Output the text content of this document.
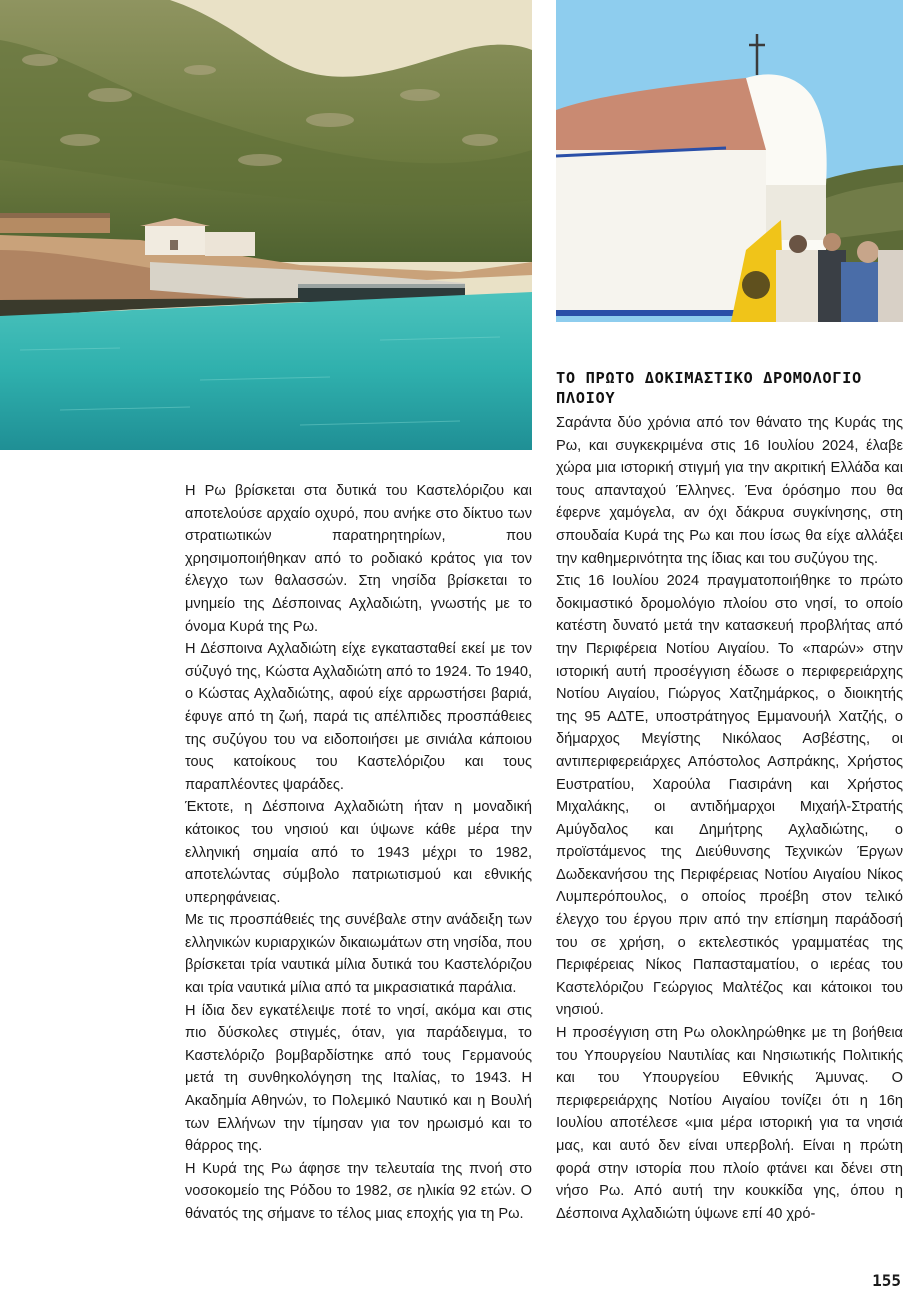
Η Ρω βρίσκεται στα δυτικά του Καστελόριζου και αποτελούσε αρχαίο οχυρό, που ανήκε στο δίκτυο των στρατιωτικών παρατηρητηρίων, που χρησιμοποιήθηκαν από το ροδιακό κράτος για τον έλεγχο των θαλασσών. Στη νησίδα βρίσκεται το μνημείο της Δέσποινας Αχλαδιώτη, γνωστής με το όνομα Κυρά της Ρω.

Η Δέσποινα Αχλαδιώτη είχε εγκατασταθεί εκεί με τον σύζυγό της, Κώστα Αχλαδιώτη από το 1924. Το 1940, ο Κώστας Αχλαδιώτης, αφού είχε αρρωστήσει βαριά, έφυγε από τη ζωή, παρά τις απέλπιδες προσπάθειες της συζύγου του να ειδοποιήσει με σινιάλα κάποιου τους κατοίκους του Καστελόριζου και τους παραπλέοντες ψαράδες.

Έκτοτε, η Δέσποινα Αχλαδιώτη ήταν η μοναδική κάτοικος του νησιού και ύψωνε κάθε μέρα την ελληνική σημαία από το 1943 μέχρι το 1982, αποτελώντας σύμβολο πατριωτισμού και εθνικής υπερηφάνειας.

Με τις προσπάθειές της συνέβαλε στην ανάδειξη των ελληνικών κυριαρχικών δικαιωμάτων στη νησίδα, που βρίσκεται τρία ναυτικά μίλια δυτικά του Καστελόριζου και τρία ναυτικά μίλια από τα μικρασιατικά παράλια.

Η ίδια δεν εγκατέλειψε ποτέ το νησί, ακόμα και στις πιο δύσκολες στιγμές, όταν, για παράδειγμα, το Καστελόριζο βομβαρδίστηκε από τους Γερμανούς μετά τη συνθηκολόγηση της Ιταλίας, το 1943. Η Ακαδημία Αθηνών, το Πολεμικό Ναυτικό και η Βουλή των Ελλήνων την τίμησαν για τον ηρωισμό και το θάρρος της.

Η Κυρά της Ρω άφησε την τελευταία της πνοή στο νοσοκομείο της Ρόδου το 1982, σε ηλικία 92 ετών. Ο θάνατός της σήμανε το τέλος μιας εποχής για τη Ρω.

ΤΟ ΠΡΩΤΟ ΔΟΚΙΜΑΣΤΙΚΟ ΔΡΟΜΟΛΟΓΙΟ ΠΛΟΙΟΥ

Σαράντα δύο χρόνια από τον θάνατο της Κυράς της Ρω, και συγκεκριμένα στις 16 Ιουλίου 2024, έλαβε χώρα μια ιστορική στιγμή για την ακριτική Ελλάδα και τους απανταχού Έλληνες. Ένα όρόσημο που θα έφερνε χαμόγελα, αν όχι δάκρυα συγκίνησης, στη σπουδαία Κυρά της Ρω και που ίσως θα είχε αλλάξει την καθημερινότητα της ίδιας και του συζύγου της.

Στις 16 Ιουλίου 2024 πραγματοποιήθηκε το πρώτο δοκιμαστικό δρομολόγιο πλοίου στο νησί, το οποίο κατέστη δυνατό μετά την κατασκευή προβλήτας από την Περιφέρεια Νοτίου Αιγαίου. Το «παρών» στην ιστορική αυτή προσέγγιση έδωσε ο περιφερειάρχης Νοτίου Αιγαίου, Γιώργος Χατζημάρκος, ο διοικητής της 95 ΑΔΤΕ, υποστράτηγος Εμμανουήλ Χατζής, ο δήμαρχος Μεγίστης Νικόλαος Ασβέστης, οι αντιπεριφερειάρχες Απόστολος Ασπράκης, Χρήστος Ευστρατίου, Χαρούλα Γιασιράνη και Χρήστος Μιχαλάκης, οι αντιδήμαρχοι Μιχαήλ-Στρατής Αμύγδαλος και Δημήτρης Αχλαδιώτης, ο προϊστάμενος της Διεύθυνσης Τεχνικών Έργων Δωδεκανήσου της Περιφέρειας Νοτίου Αιγαίου Νίκος Λυμπερόπουλος, ο οποίος προέβη στον τελικό έλεγχο του έργου πριν από την επίσημη παράδοσή του σε χρήση, ο εκτελεστικός γραμματέας της Περιφέρειας Νίκος Παπασταματίου, ο ιερέας του Καστελόριζου Γεώργιος Μαλτέζος και κάτοικοι του νησιού.

Η προσέγγιση στη Ρω ολοκληρώθηκε με τη βοήθεια του Υπουργείου Ναυτιλίας και Νησιωτικής Πολιτικής και του Υπουργείου Εθνικής Άμυνας. Ο περιφερειάρχης Νοτίου Αιγαίου τονίζει ότι η 16η Ιουλίου αποτέλεσε «μια μέρα ιστορική για τα νησιά μας, και αυτό δεν είναι υπερβολή. Είναι η πρώτη φορά στην ιστορία που πλοίο φτάνει και δένει στη νήσο Ρω. Από αυτή την κουκκίδα γης, όπου η Δέσποινα Αχλαδιώτη ύψωνε επί 40 χρό-

155
